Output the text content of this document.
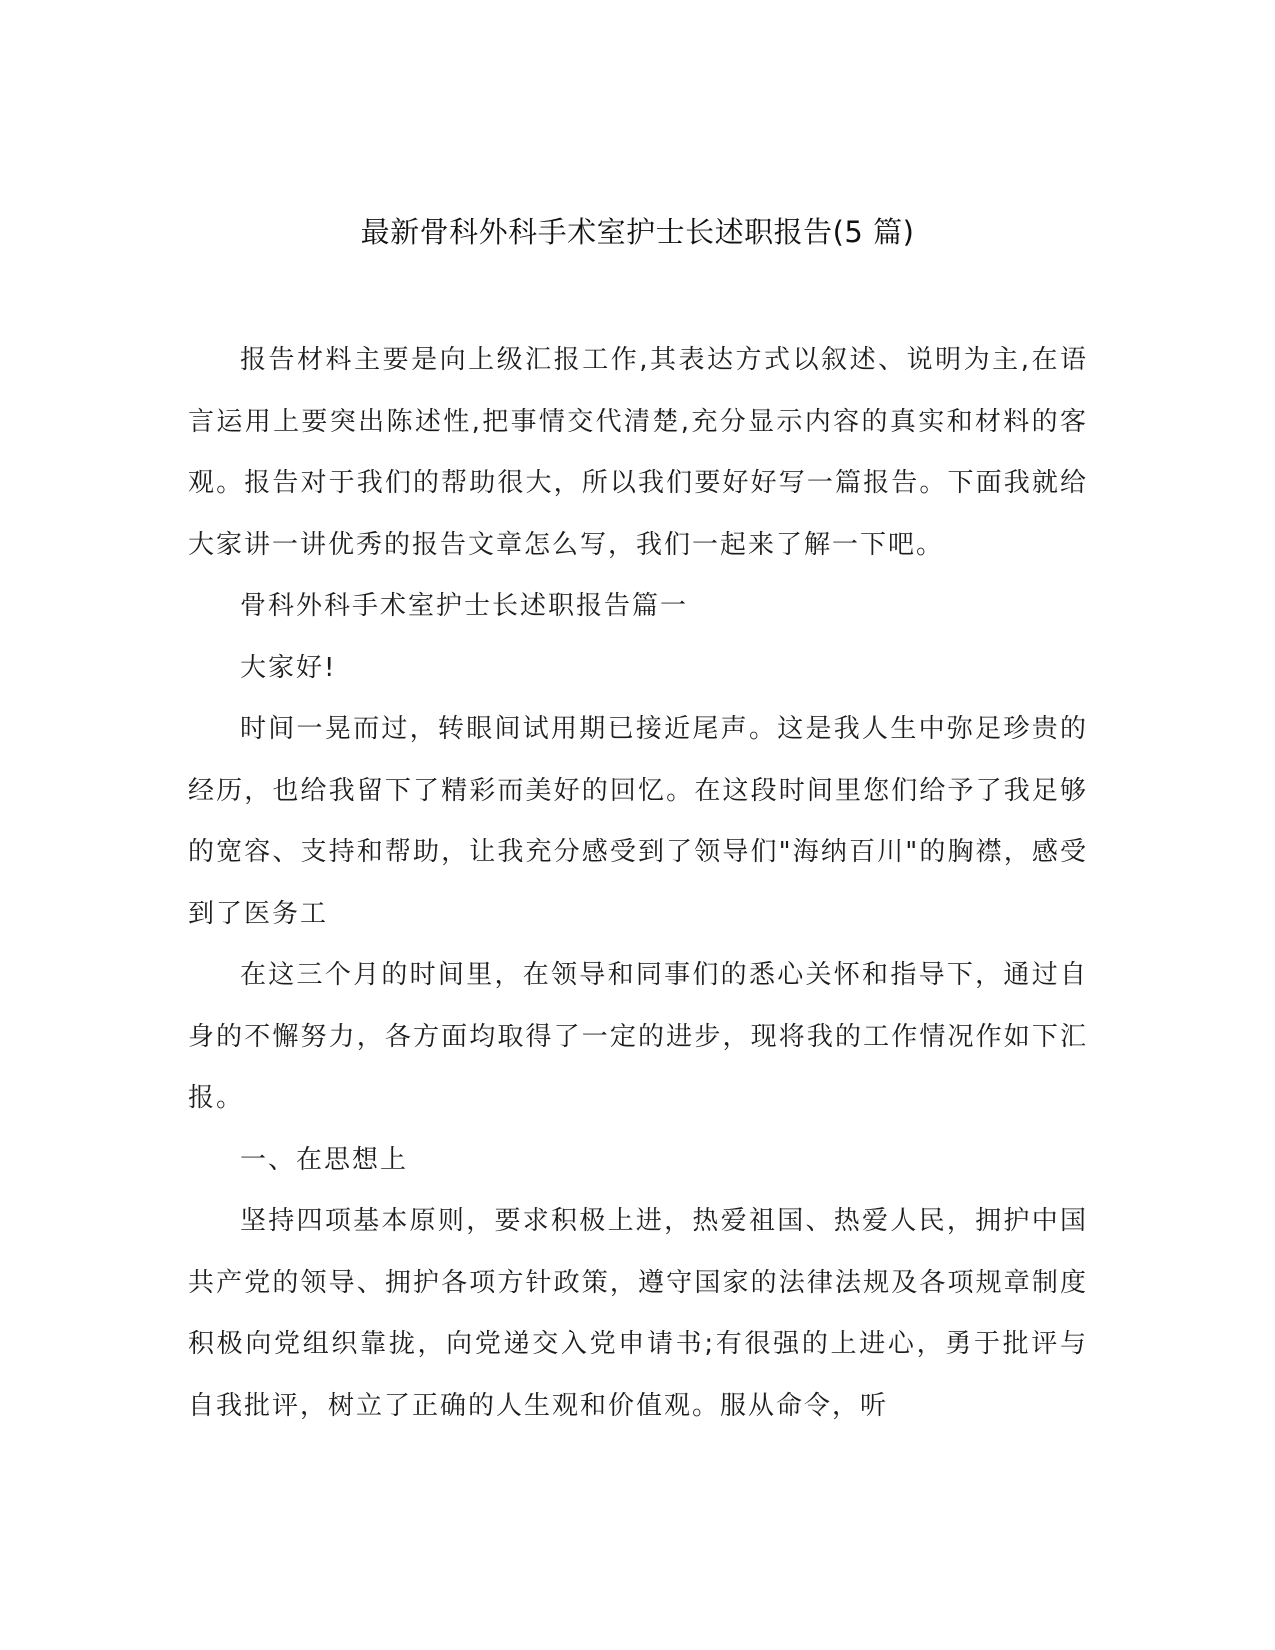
最新骨科外科手术室护士长述职报告(5 篇)

报告材料主要是向上级汇报工作,其表达方式以叙述、说明为主,在语言运用上要突出陈述性,把事情交代清楚,充分显示内容的真实和材料的客观。报告对于我们的帮助很大，所以我们要好好写一篇报告。下面我就给大家讲一讲优秀的报告文章怎么写，我们一起来了解一下吧。

骨科外科手术室护士长述职报告篇一

大家好!

时间一晃而过，转眼间试用期已接近尾声。这是我人生中弥足珍贵的经历，也给我留下了精彩而美好的回忆。在这段时间里您们给予了我足够的宽容、支持和帮助，让我充分感受到了领导们"海纳百川"的胸襟，感受到了医务工

在这三个月的时间里，在领导和同事们的悉心关怀和指导下，通过自身的不懈努力，各方面均取得了一定的进步，现将我的工作情况作如下汇报。

一、在思想上

坚持四项基本原则，要求积极上进，热爱祖国、热爱人民，拥护中国共产党的领导、拥护各项方针政策，遵守国家的法律法规及各项规章制度积极向党组织靠拢，向党递交入党申请书;有很强的上进心，勇于批评与自我批评，树立了正确的人生观和价值观。服从命令，听
